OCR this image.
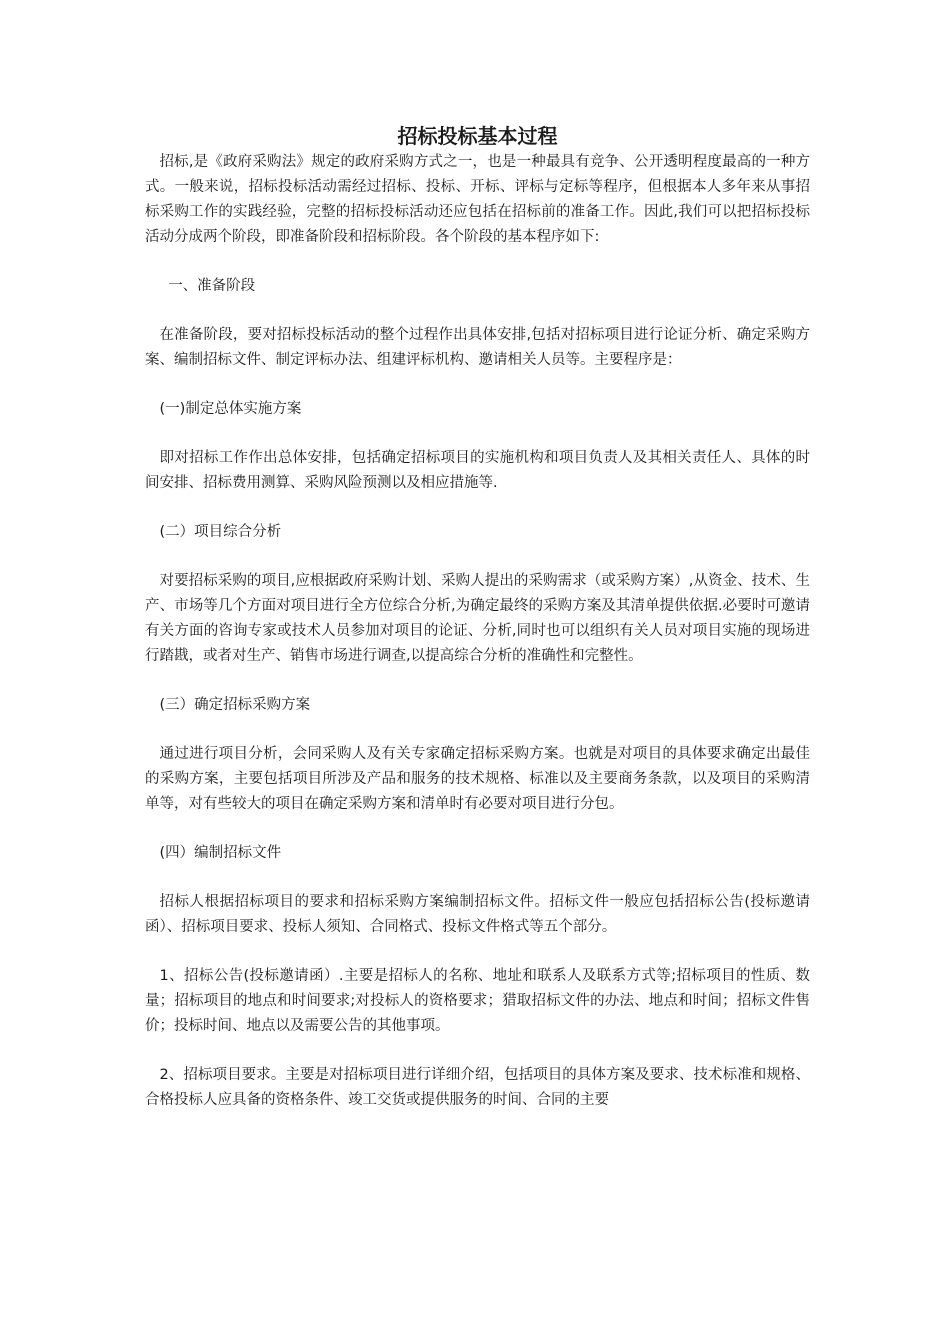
招标投标基本过程

招标,是《政府采购法》规定的政府采购方式之一，也是一种最具有竞争、公开透明程度最高的一种方式。一般来说，招标投标活动需经过招标、投标、开标、评标与定标等程序，但根据本人多年来从事招标采购工作的实践经验，完整的招标投标活动还应包括在招标前的准备工作。因此,我们可以把招标投标活动分成两个阶段，即准备阶段和招标阶段。各个阶段的基本程序如下:

一、准备阶段

在准备阶段，要对招标投标活动的整个过程作出具体安排,包括对招标项目进行论证分析、确定采购方案、编制招标文件、制定评标办法、组建评标机构、邀请相关人员等。主要程序是：

(一)制定总体实施方案

即对招标工作作出总体安排，包括确定招标项目的实施机构和项目负责人及其相关责任人、具体的时间安排、招标费用测算、采购风险预测以及相应措施等.

(二）项目综合分析

对要招标采购的项目,应根据政府采购计划、采购人提出的采购需求（或采购方案）,从资金、技术、生产、市场等几个方面对项目进行全方位综合分析,为确定最终的采购方案及其清单提供依据.必要时可邀请有关方面的咨询专家或技术人员参加对项目的论证、分析,同时也可以组织有关人员对项目实施的现场进行踏戡，或者对生产、销售市场进行调查,以提高综合分析的准确性和完整性。

(三）确定招标采购方案

通过进行项目分析，会同采购人及有关专家确定招标采购方案。也就是对项目的具体要求确定出最佳的采购方案，主要包括项目所涉及产品和服务的技术规格、标准以及主要商务条款，以及项目的采购清单等，对有些较大的项目在确定采购方案和清单时有必要对项目进行分包。

(四）编制招标文件

招标人根据招标项目的要求和招标采购方案编制招标文件。招标文件一般应包括招标公告(投标邀请函）、招标项目要求、投标人须知、合同格式、投标文件格式等五个部分。

1、招标公告(投标邀请函）.主要是招标人的名称、地址和联系人及联系方式等;招标项目的性质、数量；招标项目的地点和时间要求;对投标人的资格要求；猎取招标文件的办法、地点和时间；招标文件售价；投标时间、地点以及需要公告的其他事项。

2、招标项目要求。主要是对招标项目进行详细介绍，包括项目的具体方案及要求、技术标准和规格、合格投标人应具备的资格条件、竣工交货或提供服务的时间、合同的主要
